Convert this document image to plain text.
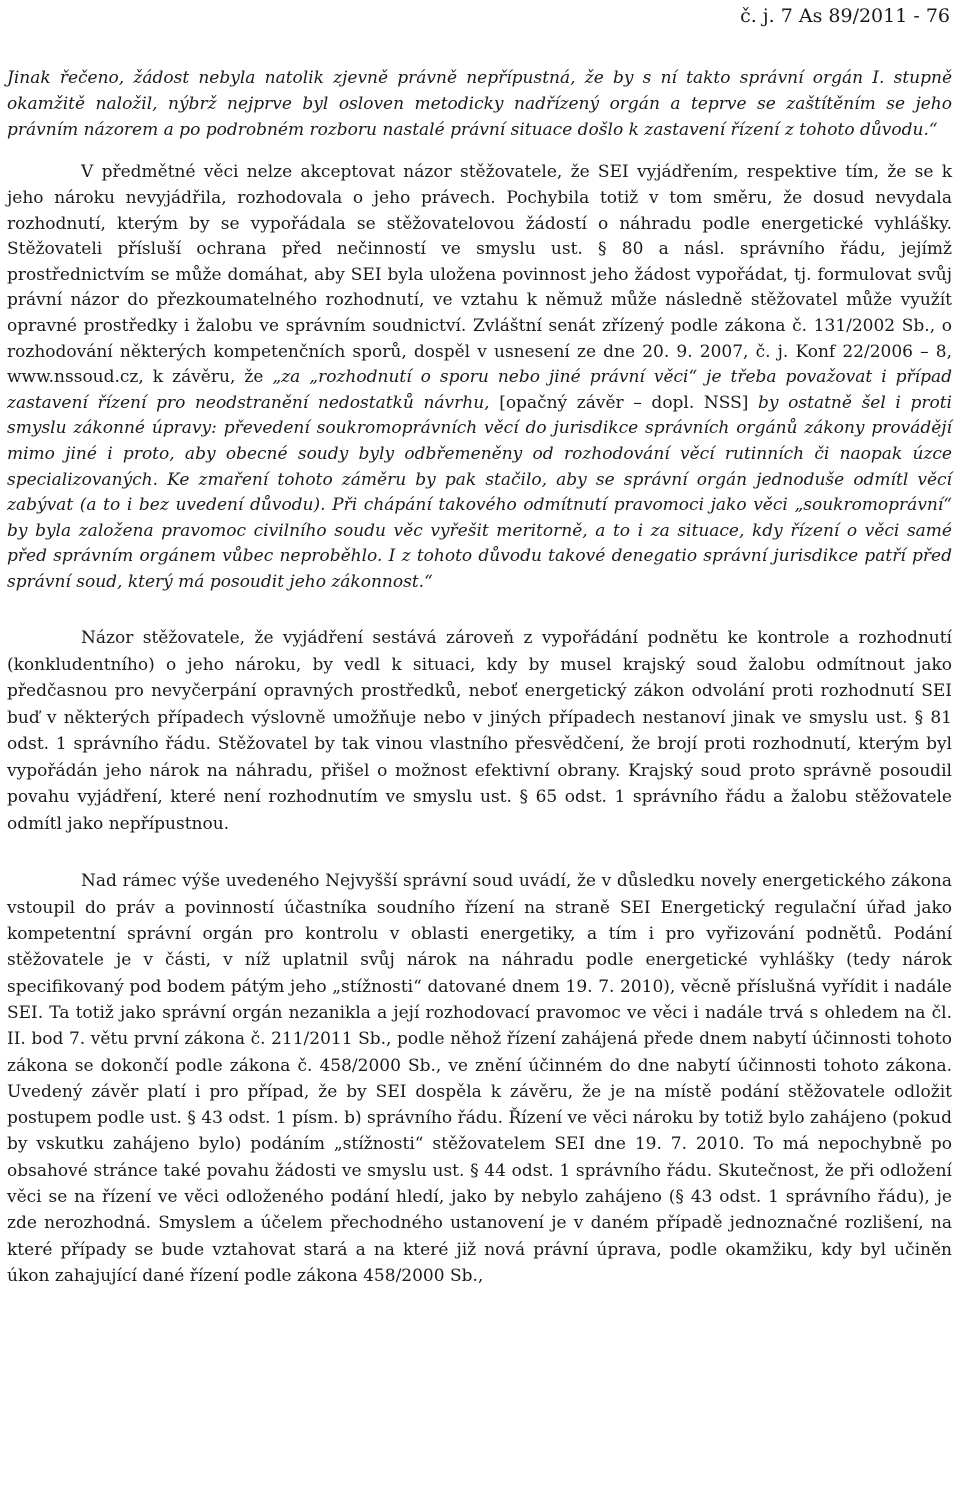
č. j. 7 As 89/2011 - 76

Jinak řečeno, žádost nebyla natolik zjevně právně nepřípustná, že by s ní takto správní orgán I. stupně okamžitě naložil, nýbrž nejprve byl osloven metodicky nadřízený orgán a teprve se zaštítěním se jeho právním názorem a po podrobném rozboru nastalé právní situace došlo k zastavení řízení z tohoto důvodu.“

V předmětné věci nelze akceptovat názor stěžovatele, že SEI vyjádřením, respektive tím, že se k jeho nároku nevyjádřila, rozhodovala o jeho právech. Pochybila totiž v tom směru, že dosud nevydala rozhodnutí, kterým by se vypořádala se stěžovatelovou žádostí o náhradu podle energetické vyhlášky. Stěžovateli přísluší ochrana před nečinností ve smyslu ust. § 80 a násl. správního řádu, jejímž prostřednictvím se může domáhat, aby SEI byla uložena povinnost jeho žádost vypořádat, tj. formulovat svůj právní názor do přezkoumatelného rozhodnutí, ve vztahu k němuž může následně stěžovatel může využít opravné prostředky i žalobu ve správním soudnictví. Zvláštní senát zřízený podle zákona č. 131/2002 Sb., o rozhodování některých kompetenčních sporů, dospěl v usnesení ze dne 20. 9. 2007, č. j. Konf 22/2006 – 8, www.nssoud.cz, k závěru, že „za „rozhodnutí o sporu nebo jiné právní věci“ je třeba považovat i případ zastavení řízení pro neodstranění nedostatků návrhu, [opačný závěr – dopl. NSS] by ostatně šel i proti smyslu zákonné úpravy: převedení soukromoprávních věcí do jurisdikce správních orgánů zákony provádějí mimo jiné i proto, aby obecné soudy byly odbřemeněny od rozhodování věcí rutinních či naopak úzce specializovaných. Ke zmaření tohoto záměru by pak stačilo, aby se správní orgán jednoduše odmítl věcí zabývat (a to i bez uvedení důvodu). Při chápání takového odmítnutí pravomoci jako věci „soukromoprávní“ by byla založena pravomoc civilního soudu věc vyřešit meritorně, a to i za situace, kdy řízení o věci samé před správním orgánem vůbec neproběhlo. I z tohoto důvodu takové denegatio správní jurisdikce patří před správní soud, který má posoudit jeho zákonnost.“

Názor stěžovatele, že vyjádření sestává zároveň z vypořádání podnětu ke kontrole a rozhodnutí (konkludentního) o jeho nároku, by vedl k situaci, kdy by musel krajský soud žalobu odmítnout jako předčasnou pro nevyčerpání opravných prostředků, neboť energetický zákon odvolání proti rozhodnutí SEI buď v některých případech výslovně umožňuje nebo v jiných případech nestanoví jinak ve smyslu ust. § 81 odst. 1 správního řádu. Stěžovatel by tak vinou vlastního přesvědčení, že brojí proti rozhodnutí, kterým byl vypořádán jeho nárok na náhradu, přišel o možnost efektivní obrany. Krajský soud proto správně posoudil povahu vyjádření, které není rozhodnutím ve smyslu ust. § 65 odst. 1 správního řádu a žalobu stěžovatele odmítl jako nepřípustnou.

Nad rámec výše uvedeného Nejvyšší správní soud uvádí, že v důsledku novely energetického zákona vstoupil do práv a povinností účastníka soudního řízení na straně SEI Energetický regulační úřad jako kompetentní správní orgán pro kontrolu v oblasti energetiky, a tím i pro vyřizování podnětů. Podání stěžovatele je v části, v níž uplatnil svůj nárok na náhradu podle energetické vyhlášky (tedy nárok specifikovaný pod bodem pátým jeho „stížnosti“ datované dnem 19. 7. 2010), věcně příslušná vyřídit i nadále SEI. Ta totiž jako správní orgán nezanikla a její rozhodovací pravomoc ve věci i nadále trvá s ohledem na čl. II. bod 7. větu první zákona č. 211/2011 Sb., podle něhož řízení zahájená přede dnem nabytí účinnosti tohoto zákona se dokončí podle zákona č. 458/2000 Sb., ve znění účinném do dne nabytí účinnosti tohoto zákona. Uvedený závěr platí i pro případ, že by SEI dospěla k závěru, že je na místě podání stěžovatele odložit postupem podle ust. § 43 odst. 1 písm. b) správního řádu. Řízení ve věci nároku by totiž bylo zahájeno (pokud by vskutku zahájeno bylo) podáním „stížnosti“ stěžovatelem SEI dne 19. 7. 2010. To má nepochybně po obsahové stránce také povahu žádosti ve smyslu ust. § 44 odst. 1 správního řádu. Skutečnost, že při odložení věci se na řízení ve věci odloženého podání hledí, jako by nebylo zahájeno (§ 43 odst. 1 správního řádu), je zde nerozhodná. Smyslem a účelem přechodného ustanovení je v daném případě jednoznačné rozlišení, na které případy se bude vztahovat stará a na které již nová právní úprava, podle okamžiku, kdy byl učiněn úkon zahajující dané řízení podle zákona 458/2000 Sb.,
